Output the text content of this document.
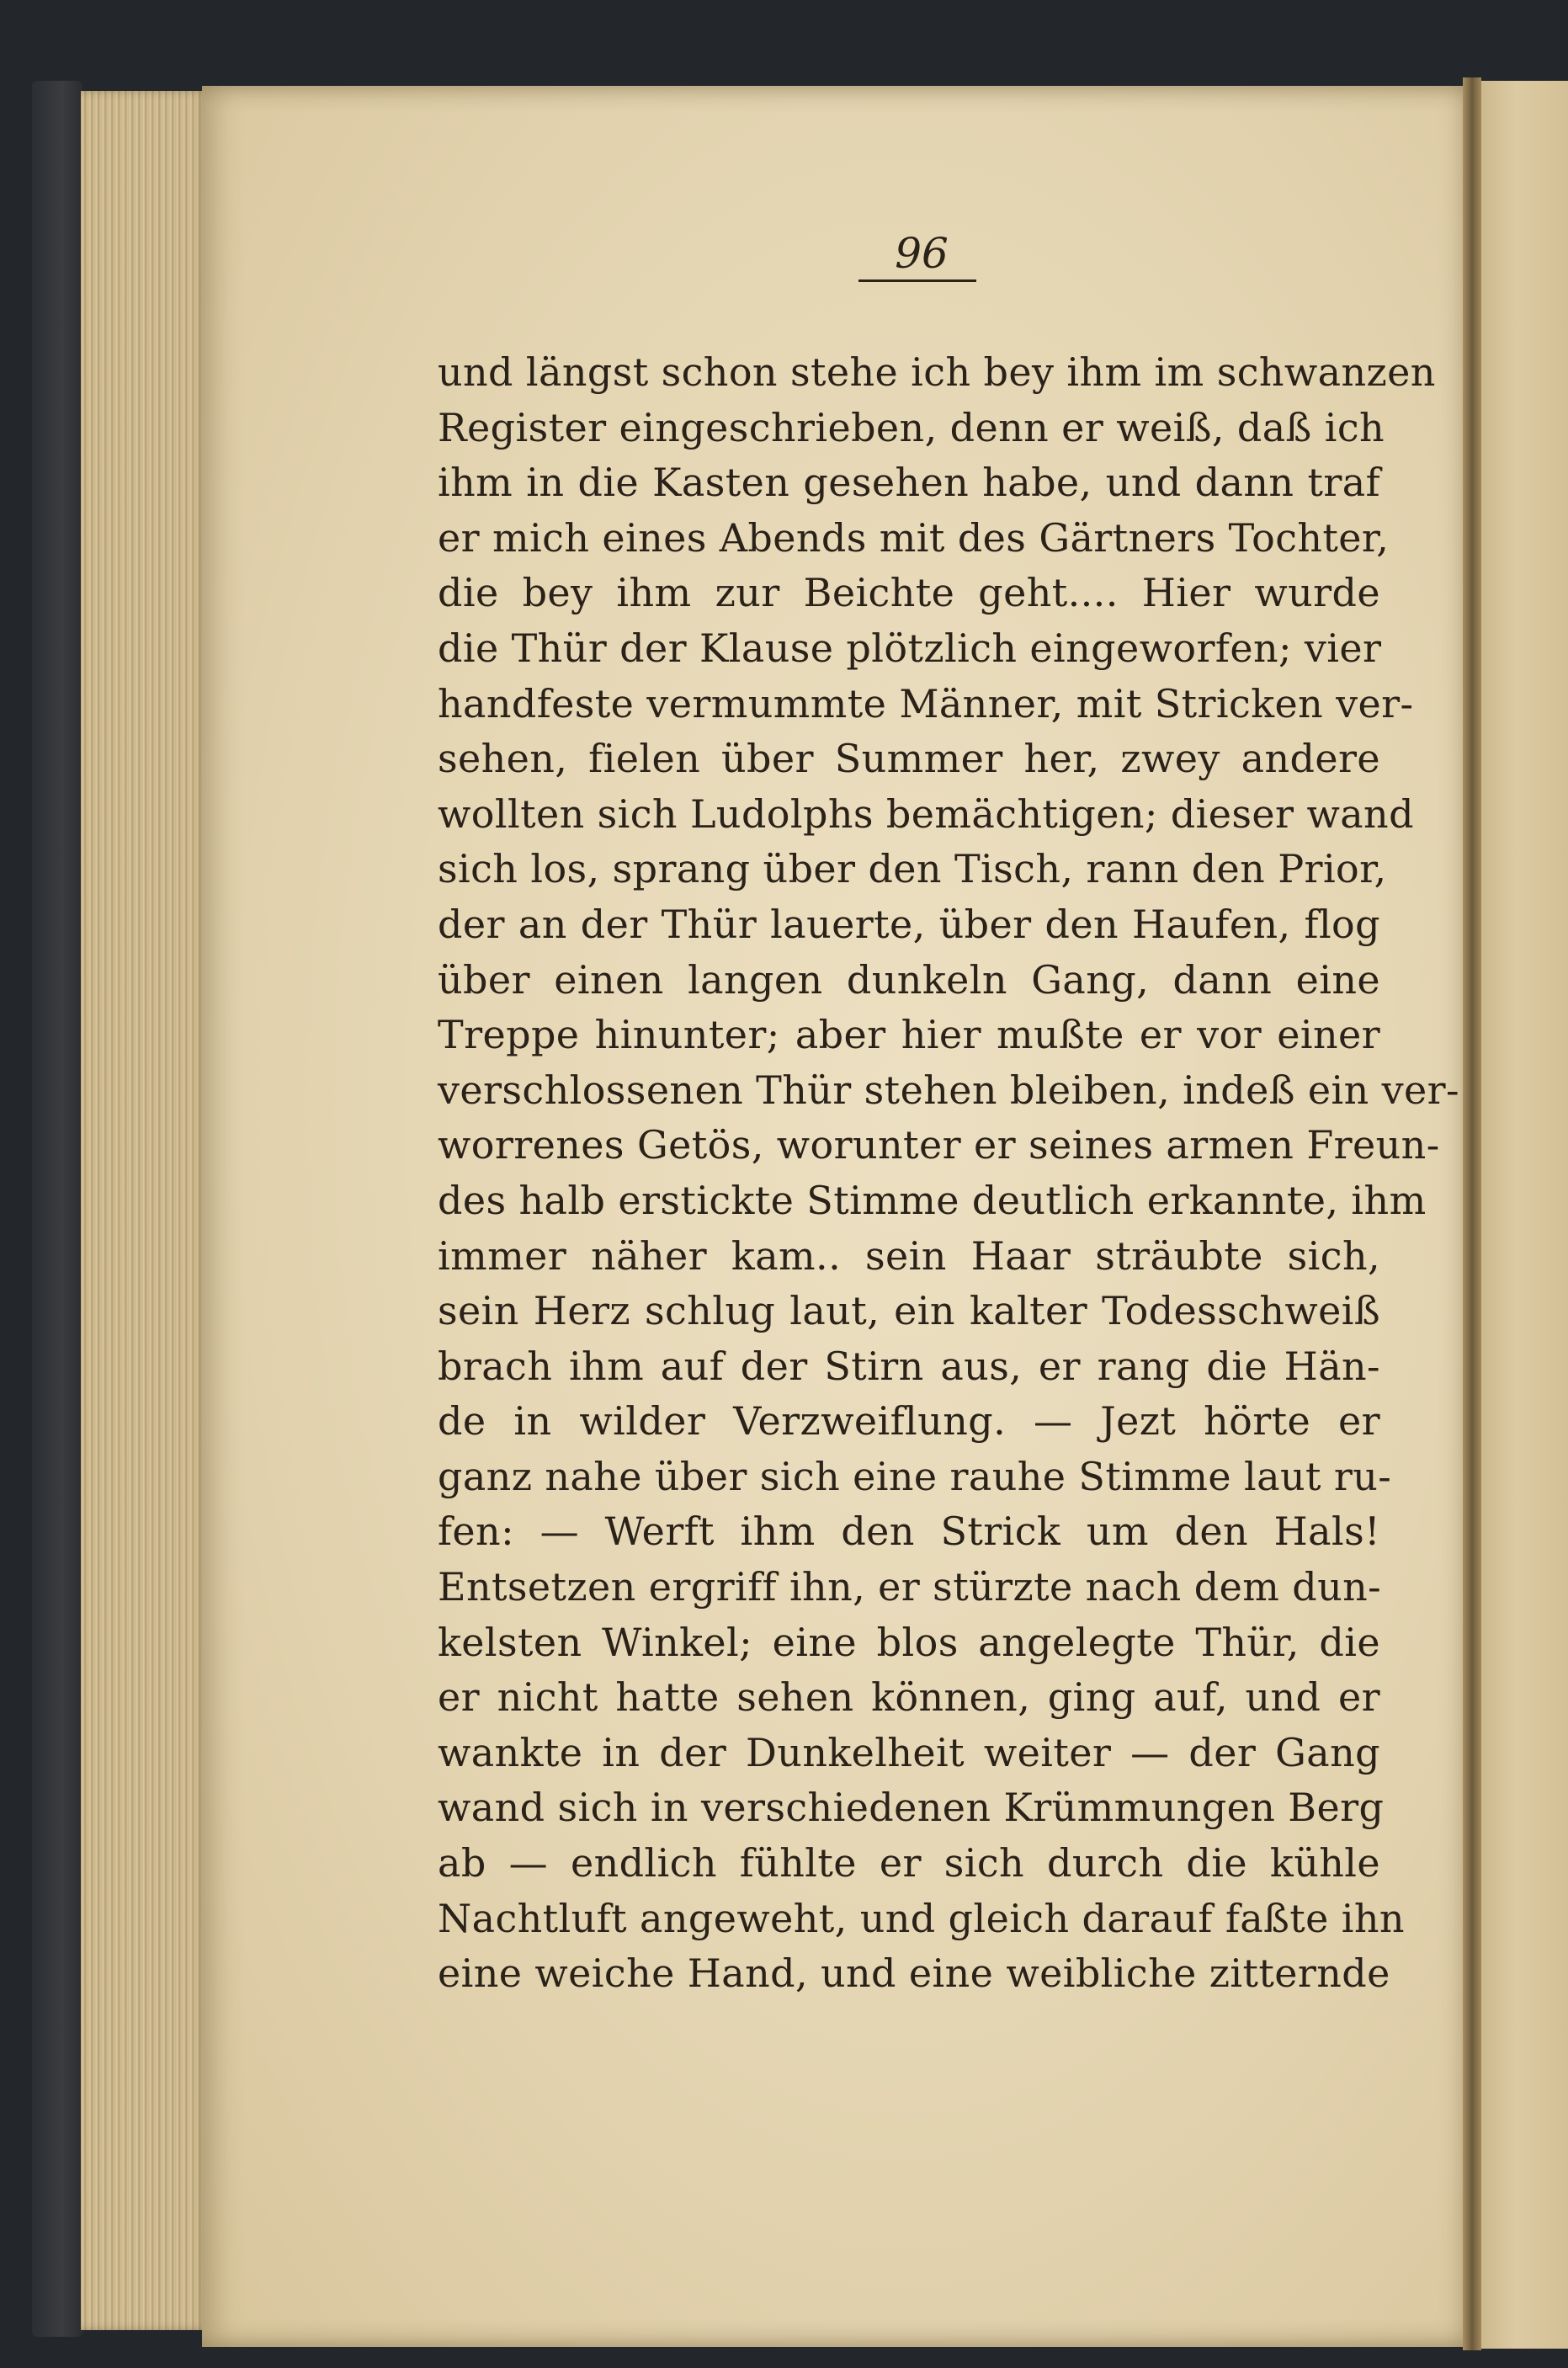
96

und längst schon stehe ich bey ihm im schwanzen
Register eingeschrieben, denn er weiß, daß ich
ihm in die Kasten gesehen habe, und dann traf
er mich eines Abends mit des Gärtners Tochter,
die bey ihm zur Beichte geht.... Hier wurde
die Thür der Klause plötzlich eingeworfen; vier
handfeste vermummte Männer, mit Stricken ver-
sehen, fielen über Summer her, zwey andere
wollten sich Ludolphs bemächtigen; dieser wand
sich los, sprang über den Tisch, rann den Prior,
der an der Thür lauerte, über den Haufen, flog
über einen langen dunkeln Gang, dann eine
Treppe hinunter; aber hier mußte er vor einer
verschlossenen Thür stehen bleiben, indeß ein ver-
worrenes Getös, worunter er seines armen Freun-
des halb erstickte Stimme deutlich erkannte, ihm
immer näher kam.. sein Haar sträubte sich,
sein Herz schlug laut, ein kalter Todesschweiß
brach ihm auf der Stirn aus, er rang die Hän-
de in wilder Verzweiflung. — Jezt hörte er
ganz nahe über sich eine rauhe Stimme laut ru-
fen: — Werft ihm den Strick um den Hals!
Entsetzen ergriff ihn, er stürzte nach dem dun-
kelsten Winkel; eine blos angelegte Thür, die
er nicht hatte sehen können, ging auf, und er
wankte in der Dunkelheit weiter — der Gang
wand sich in verschiedenen Krümmungen Berg
ab — endlich fühlte er sich durch die kühle
Nachtluft angeweht, und gleich darauf faßte ihn
eine weiche Hand, und eine weibliche zitternde
